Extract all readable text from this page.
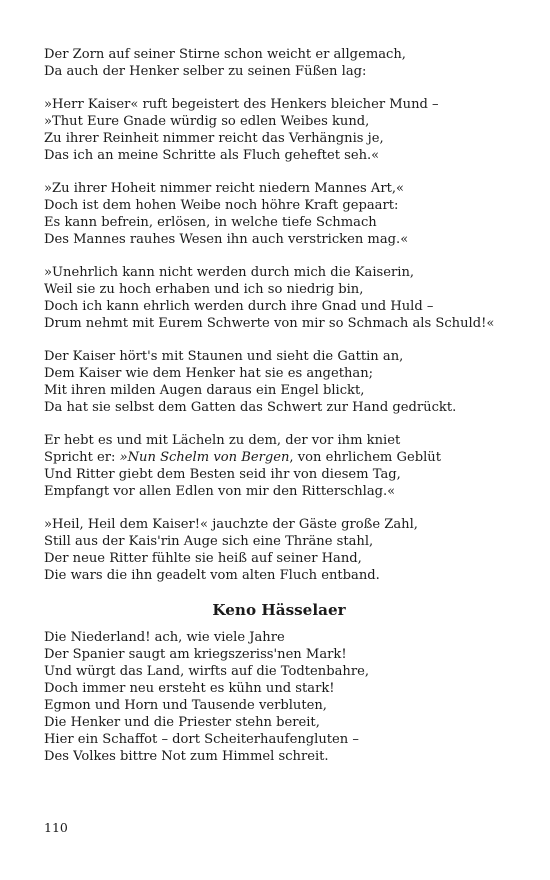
Der Zorn auf seiner Stirne schon weicht er allgemach,
Da auch der Henker selber zu seinen Füßen lag:
»Herr Kaiser« ruft begeistert des Henkers bleicher Mund –
»Thut Eure Gnade würdig so edlen Weibes kund,
Zu ihrer Reinheit nimmer reicht das Verhängnis je,
Das ich an meine Schritte als Fluch geheftet seh.«
»Zu ihrer Hoheit nimmer reicht niedern Mannes Art,«
Doch ist dem hohen Weibe noch höhre Kraft gepaart:
Es kann befrein, erlösen, in welche tiefe Schmach
Des Mannes rauhes Wesen ihn auch verstricken mag.«
»Unehrlich kann nicht werden durch mich die Kaiserin,
Weil sie zu hoch erhaben und ich so niedrig bin,
Doch ich kann ehrlich werden durch ihre Gnad und Huld –
Drum nehmt mit Eurem Schwerte von mir so Schmach als Schuld!«
Der Kaiser hört's mit Staunen und sieht die Gattin an,
Dem Kaiser wie dem Henker hat sie es angethan;
Mit ihren milden Augen daraus ein Engel blickt,
Da hat sie selbst dem Gatten das Schwert zur Hand gedrückt.
Er hebt es und mit Lächeln zu dem, der vor ihm kniet
Spricht er: »Nun Schelm von Bergen, von ehrlichem Geblüt
Und Ritter giebt dem Besten seid ihr von diesem Tag,
Empfangt vor allen Edlen von mir den Ritterschlag.«
»Heil, Heil dem Kaiser!« jauchzte der Gäste große Zahl,
Still aus der Kais'rin Auge sich eine Thräne stahl,
Der neue Ritter fühlte sie heiß auf seiner Hand,
Die wars die ihn geadelt vom alten Fluch entband.
Keno Hässelaer
Die Niederland! ach, wie viele Jahre
Der Spanier saugt am kriegszeriss'nen Mark!
Und würgt das Land, wirfts auf die Todtenbahre,
Doch immer neu ersteht es kühn und stark!
Egmon und Horn und Tausende verbluten,
Die Henker und die Priester stehn bereit,
Hier ein Schaffot – dort Scheiterhaufengluten –
Des Volkes bittre Not zum Himmel schreit.
110
